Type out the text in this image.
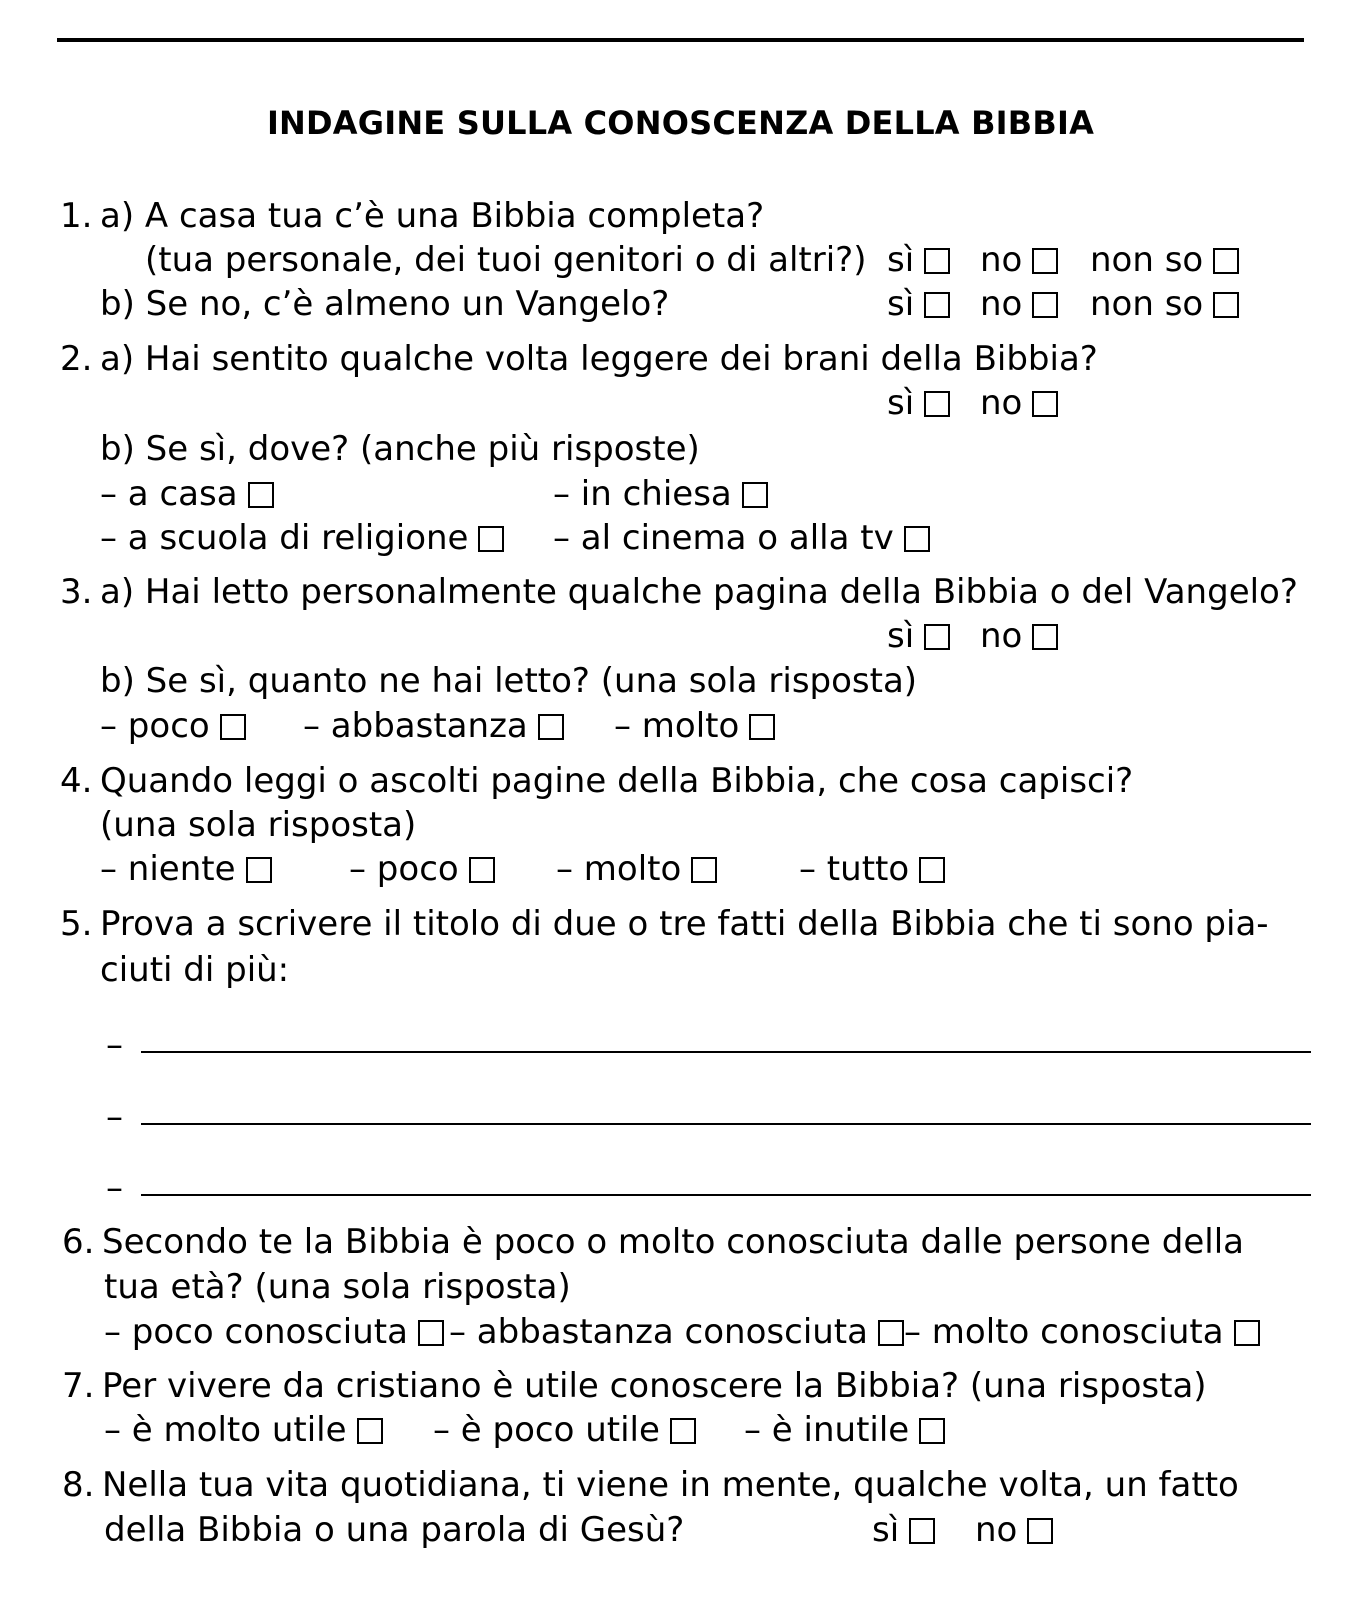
INDAGINE SULLA CONOSCENZA DELLA BIBBIA
1. a) A casa tua c’è una Bibbia completa?
(tua personale, dei tuoi genitori o di altri?) sì	no	non so
b) Se no, c’è almeno un Vangelo?	sì	no	non so
2. a) Hai sentito qualche volta leggere dei brani della Bibbia?
sì	no
b) Se sì, dove? (anche più risposte)
– a casa	– in chiesa
– a scuola di religione	– al cinema o alla tv
3. a) Hai letto personalmente qualche pagina della Bibbia o del Vangelo?
sì	no
b) Se sì, quanto ne hai letto? (una sola risposta)
– poco	– abbastanza	– molto
4. Quando leggi o ascolti pagine della Bibbia, che cosa capisci?
(una sola risposta)
– niente	– poco	– molto	– tutto
5. Prova a scrivere il titolo di due o tre fatti della Bibbia che ti sono pia-
ciuti di più:
–
–
–
6. Secondo te la Bibbia è poco o molto conosciuta dalle persone della
tua età? (una sola risposta)
– poco conosciuta	– abbastanza conosciuta	– molto conosciuta
7. Per vivere da cristiano è utile conoscere la Bibbia? (una risposta)
– è molto utile	– è poco utile	– è inutile
8. Nella tua vita quotidiana, ti viene in mente, qualche volta, un fatto
della Bibbia o una parola di Gesù?	sì	no
